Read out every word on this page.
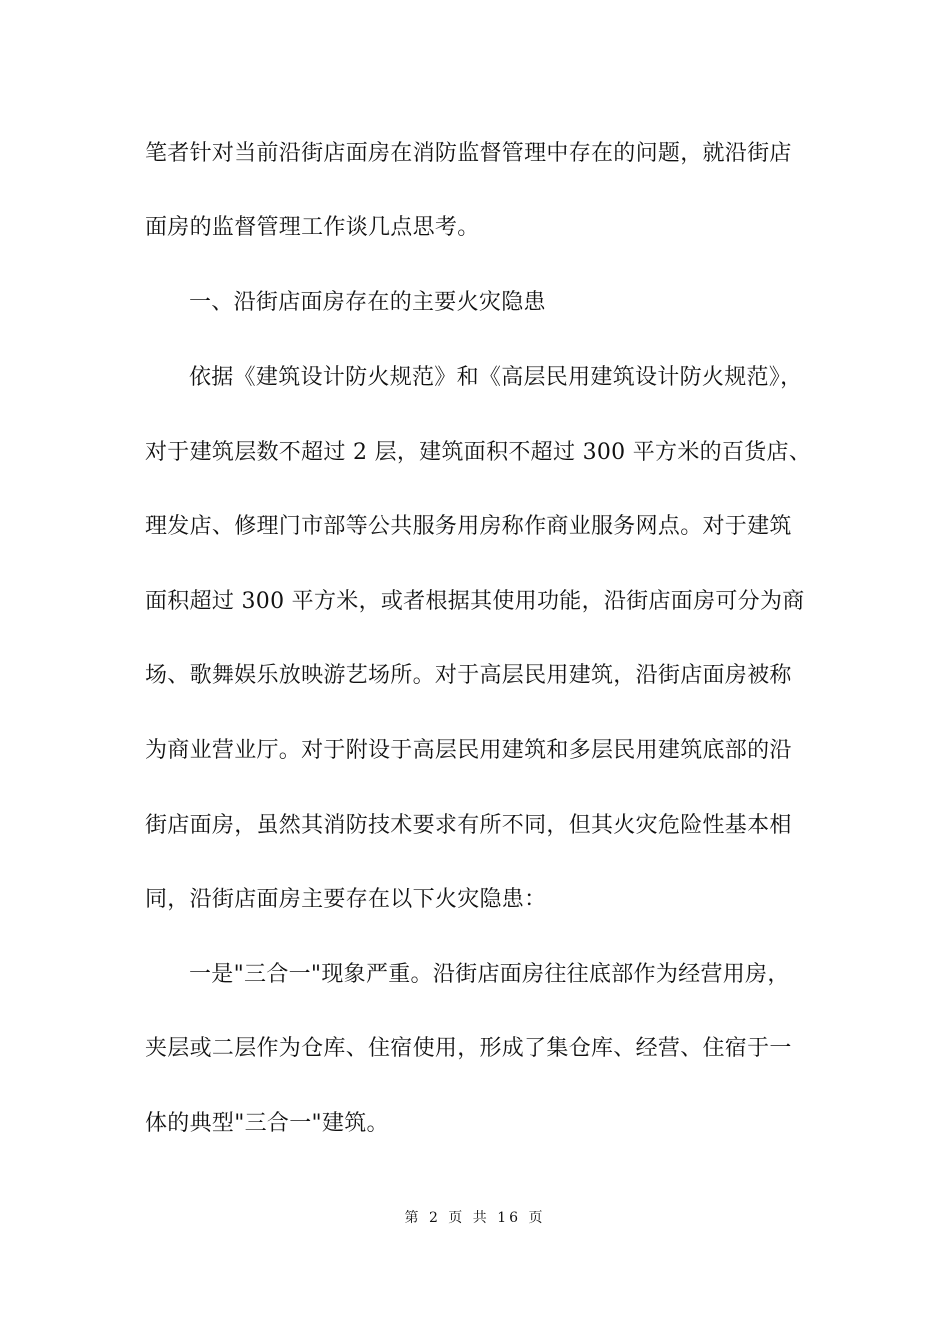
笔者针对当前沿街店面房在消防监督管理中存在的问题，就沿街店
面房的监督管理工作谈几点思考。
一、沿街店面房存在的主要火灾隐患
依据《建筑设计防火规范》和《高层民用建筑设计防火规范》，
对于建筑层数不超过 2 层，建筑面积不超过 300 平方米的百货店、
理发店、修理门市部等公共服务用房称作商业服务网点。对于建筑
面积超过 300 平方米，或者根据其使用功能，沿街店面房可分为商
场、歌舞娱乐放映游艺场所。对于高层民用建筑，沿街店面房被称
为商业营业厅。对于附设于高层民用建筑和多层民用建筑底部的沿
街店面房，虽然其消防技术要求有所不同，但其火灾危险性基本相
同，沿街店面房主要存在以下火灾隐患：
一是"三合一"现象严重。沿街店面房往往底部作为经营用房，
夹层或二层作为仓库、住宿使用，形成了集仓库、经营、住宿于一
体的典型"三合一"建筑。
第 2 页 共 16 页
